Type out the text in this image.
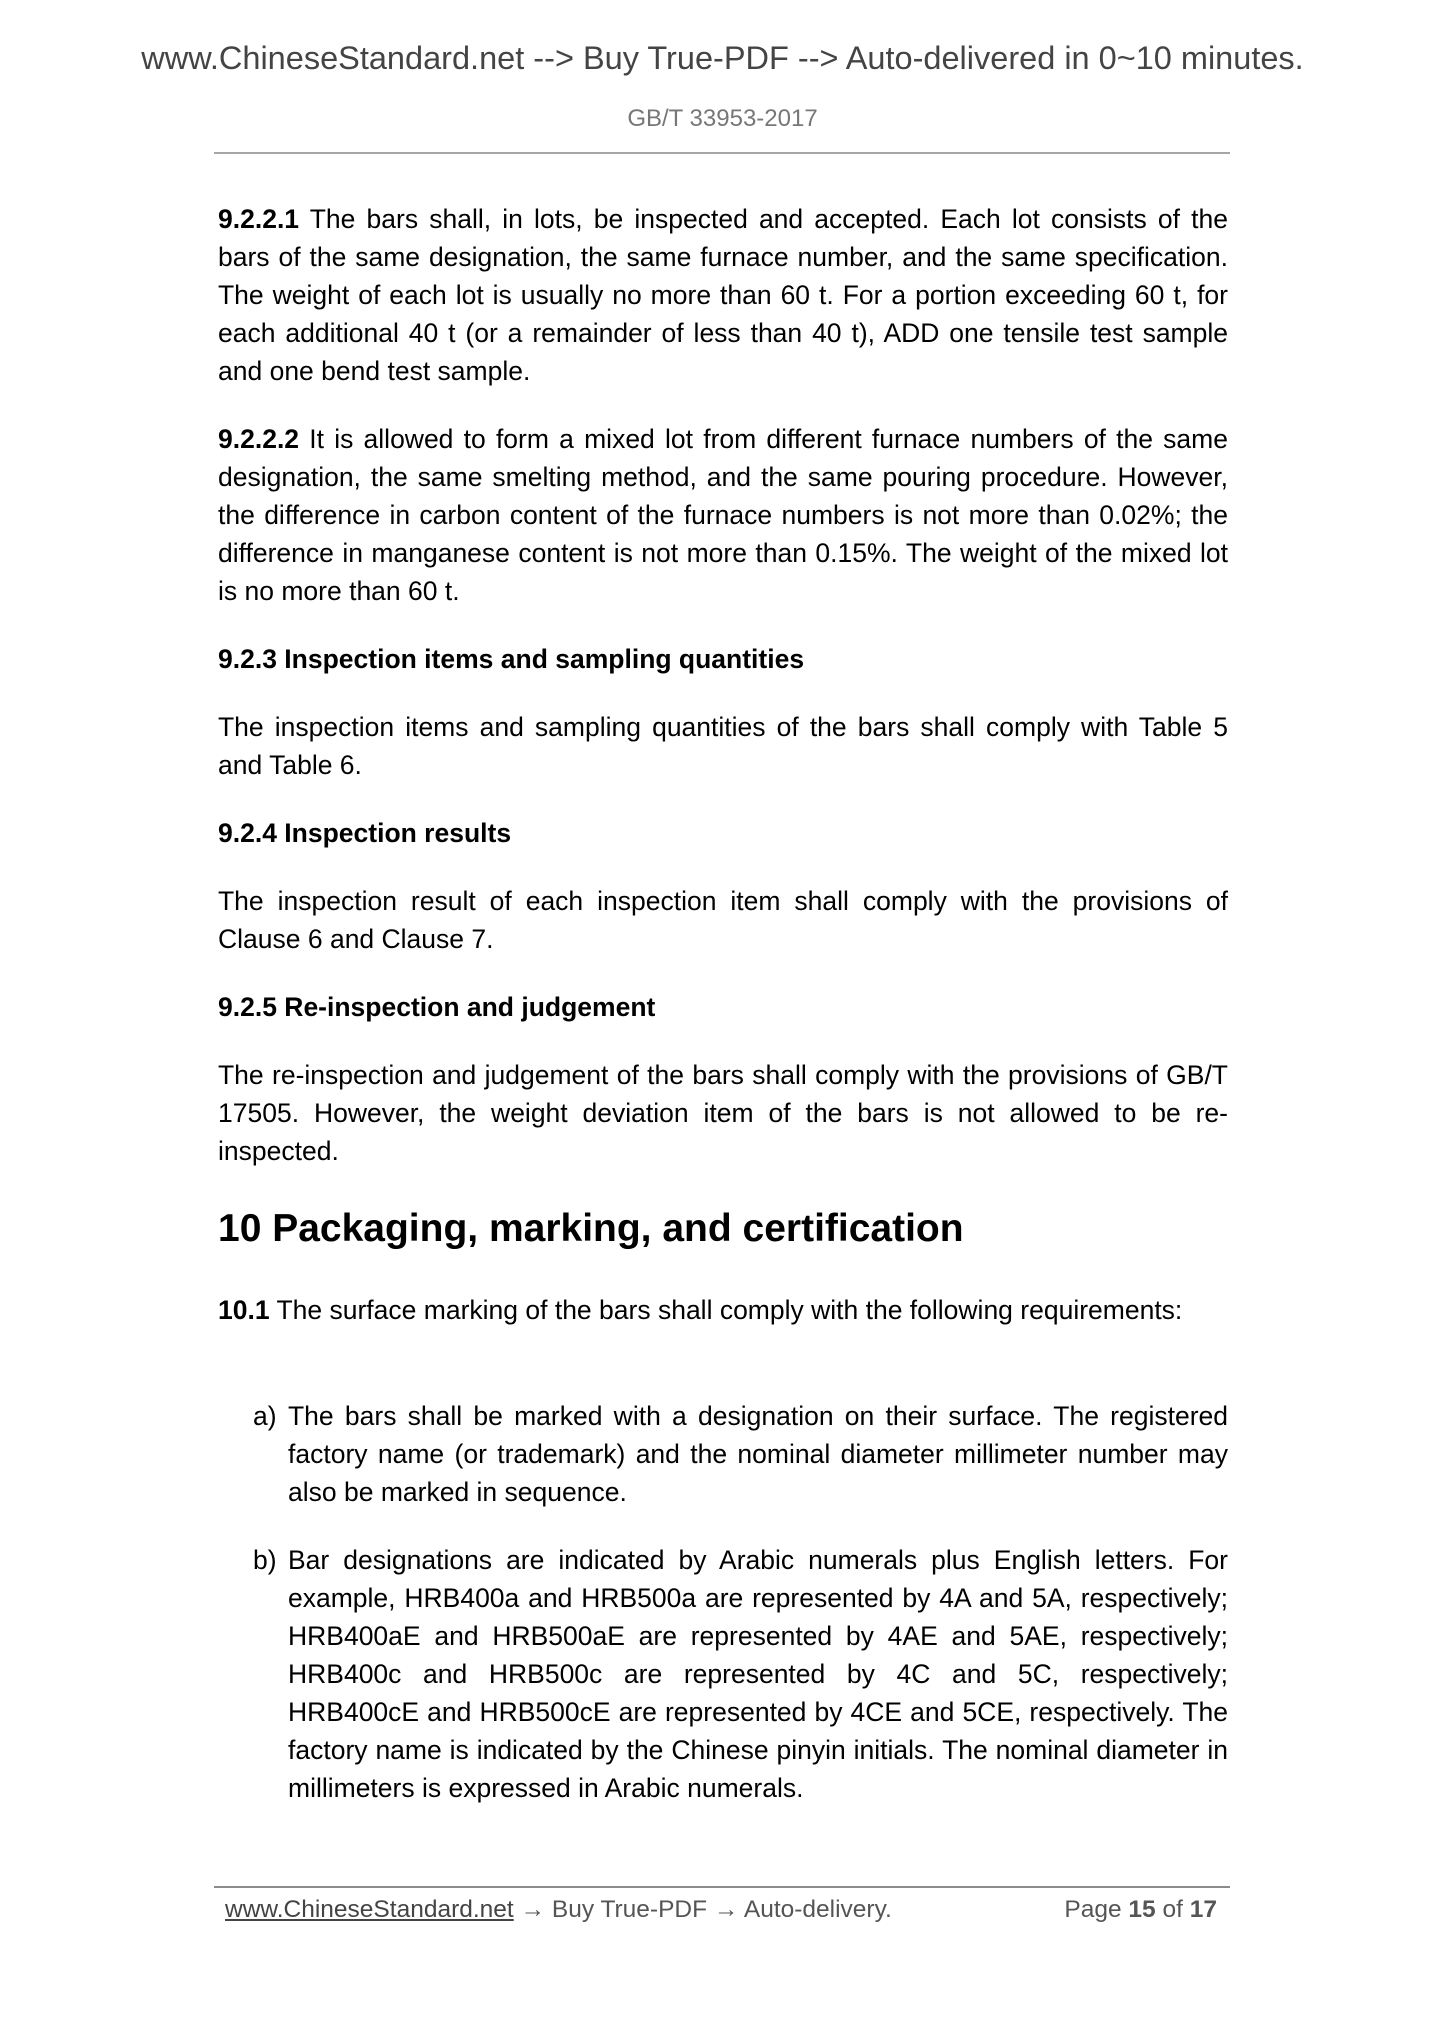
www.ChineseStandard.net --> Buy True-PDF --> Auto-delivered in 0~10 minutes.
GB/T 33953-2017
9.2.2.1 The bars shall, in lots, be inspected and accepted. Each lot consists of the bars of the same designation, the same furnace number, and the same specification. The weight of each lot is usually no more than 60 t. For a portion exceeding 60 t, for each additional 40 t (or a remainder of less than 40 t), ADD one tensile test sample and one bend test sample.
9.2.2.2 It is allowed to form a mixed lot from different furnace numbers of the same designation, the same smelting method, and the same pouring procedure. However, the difference in carbon content of the furnace numbers is not more than 0.02%; the difference in manganese content is not more than 0.15%. The weight of the mixed lot is no more than 60 t.
9.2.3 Inspection items and sampling quantities
The inspection items and sampling quantities of the bars shall comply with Table 5 and Table 6.
9.2.4 Inspection results
The inspection result of each inspection item shall comply with the provisions of Clause 6 and Clause 7.
9.2.5 Re-inspection and judgement
The re-inspection and judgement of the bars shall comply with the provisions of GB/T 17505. However, the weight deviation item of the bars is not allowed to be re-inspected.
10 Packaging, marking, and certification
10.1 The surface marking of the bars shall comply with the following requirements:
a) The bars shall be marked with a designation on their surface. The registered factory name (or trademark) and the nominal diameter millimeter number may also be marked in sequence.
b) Bar designations are indicated by Arabic numerals plus English letters. For example, HRB400a and HRB500a are represented by 4A and 5A, respectively; HRB400aE and HRB500aE are represented by 4AE and 5AE, respectively; HRB400c and HRB500c are represented by 4C and 5C, respectively; HRB400cE and HRB500cE are represented by 4CE and 5CE, respectively. The factory name is indicated by the Chinese pinyin initials. The nominal diameter in millimeters is expressed in Arabic numerals.
www.ChineseStandard.net → Buy True-PDF → Auto-delivery.	Page 15 of 17
